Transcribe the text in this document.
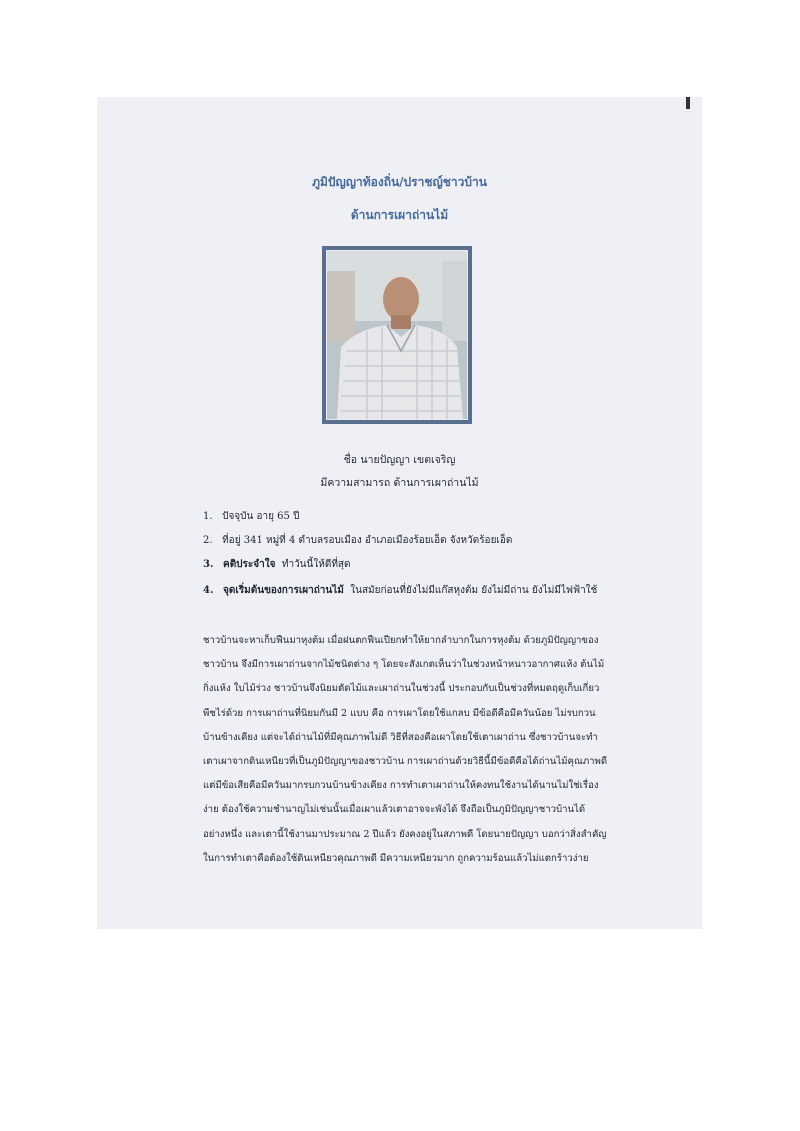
ภูมิปัญญาท้องถิ่น/ปราชญ์ชาวบ้าน
ด้านการเผาถ่านไม้
ชื่อ นายปัญญา เขตเจริญ
มีความสามารถ ด้านการเผาถ่านไม้
1. ปัจจุบัน อายุ 65 ปี
2. ที่อยู่ 341 หมู่ที่ 4 ตำบลรอบเมือง อำเภอเมืองร้อยเอ็ด จังหวัดร้อยเอ็ด
3. คติประจำใจ ทำวันนี้ให้ดีที่สุด
4. จุดเริ่มต้นของการเผาถ่านไม้ ในสมัยก่อนที่ยังไม่มีแก๊สหุงต้ม ยังไม่มีถ่าน ยังไม่มีไฟฟ้าใช้
ชาวบ้านจะหาเก็บฟืนมาหุงต้ม เมื่อฝนตกฟืนเปียกทำให้ยากลำบากในการหุงต้ม ด้วยภูมิปัญญาของ
ชาวบ้าน จึงมีการเผาถ่านจากไม้ชนิดต่าง ๆ โดยจะสังเกตเห็นว่าในช่วงหน้าหนาวอากาศแห้ง ต้นไม้
กิ่งแห้ง ใบไม้ร่วง ชาวบ้านจึงนิยมตัดไม้และเผาถ่านในช่วงนี้ ประกอบกับเป็นช่วงที่หมดฤดูเก็บเกี่ยว
พืชไร่ด้วย การเผาถ่านที่นิยมกันมี 2 แบบ คือ การเผาโดยใช้แกลบ มีข้อดีคือมีควันน้อย ไม่รบกวน
บ้านข้างเคียง แต่จะได้ถ่านไม้ที่มีคุณภาพไม่ดี วิธีที่สองคือเผาโดยใช้เตาเผาถ่าน ซึ่งชาวบ้านจะทำ
เตาเผาจากดินเหนียวที่เป็นภูมิปัญญาของชาวบ้าน การเผาถ่านด้วยวิธีนี้มีข้อดีคือได้ถ่านไม้คุณภาพดี
แต่มีข้อเสียคือมีควันมากรบกวนบ้านข้างเคียง การทำเตาเผาถ่านให้คงทนใช้งานได้นานไม่ใช่เรื่อง
ง่าย ต้องใช้ความชำนาญไม่เช่นนั้นเมื่อเผาแล้วเตาอาจจะพังได้ จึงถือเป็นภูมิปัญญาชาวบ้านได้
อย่างหนึ่ง และเตานี้ใช้งานมาประมาณ 2 ปีแล้ว ยังคงอยู่ในสภาพดี โดยนายปัญญา บอกว่าสิ่งสำคัญ
ในการทำเตาคือต้องใช้ดินเหนียวคุณภาพดี มีความเหนียวมาก ถูกความร้อนแล้วไม่แตกร้าวง่าย
